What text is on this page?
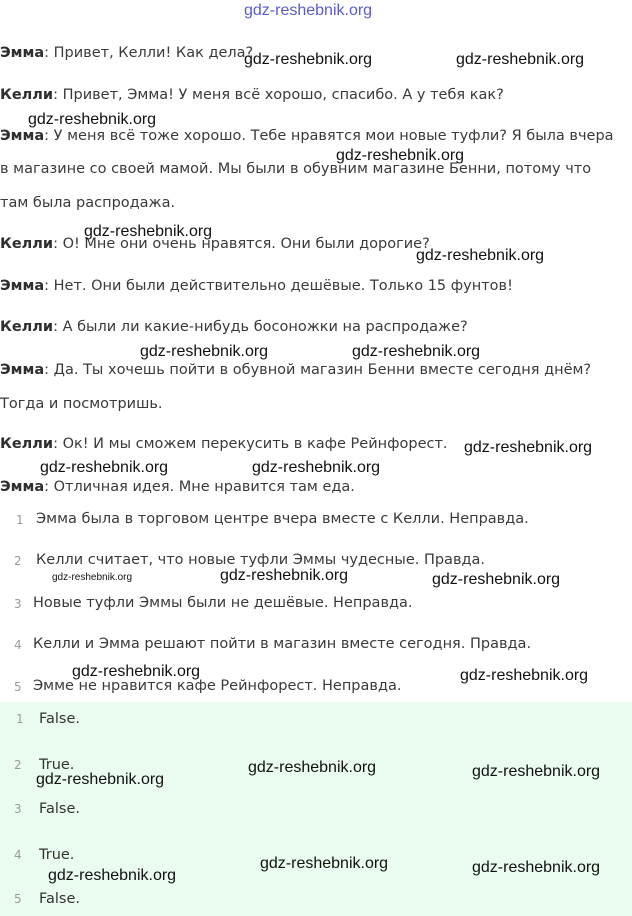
gdz-reshebnik.org
Эмма: Привет, Келли! Как дела?
Келли: Привет, Эмма! У меня всё хорошо, спасибо. А у тебя как?
Эмма: У меня всё тоже хорошо. Тебе нравятся мои новые туфли? Я была вчера
в магазине со своей мамой. Мы были в обувним магазине Бенни, потому что
там была распродажа.
Келли: О! Мне они очень нравятся. Они были дорогие?
Эмма: Нет. Они были действительно дешёвые. Только 15 фунтов!
Келли: А были ли какие-нибудь босоножки на распродаже?
Эмма: Да. Ты хочешь пойти в обувной магазин Бенни вместе сегодня днём?
Тогда и посмотришь.
Келли: Ок! И мы сможем перекусить в кафе Рейнфорест.
Эмма: Отличная идея. Мне нравится там еда.
1 Эмма была в торговом центре вчера вместе с Келли. Неправда.
2 Келли считает, что новые туфли Эммы чудесные. Правда.
3 Новые туфли Эммы были не дешёвые. Неправда.
4 Келли и Эмма решают пойти в магазин вместе сегодня. Правда.
5 Эмме не нравится кафе Рейнфорест. Неправда.
1 False.
2 True.
3 False.
4 True.
5 False.
gdz-reshebnik.org	gdz-reshebnik.org
gdz-reshebnik.org
gdz-reshebnik.org
gdz-reshebnik.org
gdz-reshebnik.org
gdz-reshebnik.org	gdz-reshebnik.org
gdz-reshebnik.org
gdz-reshebnik.org	gdz-reshebnik.org
gdz-reshebnik.org	gdz-reshebnik.org	gdz-reshebnik.org
gdz-reshebnik.org	gdz-reshebnik.org
gdz-reshebnik.org
gdz-reshebnik.org	gdz-reshebnik.org
gdz-reshebnik.org
gdz-reshebnik.org	gdz-reshebnik.org
